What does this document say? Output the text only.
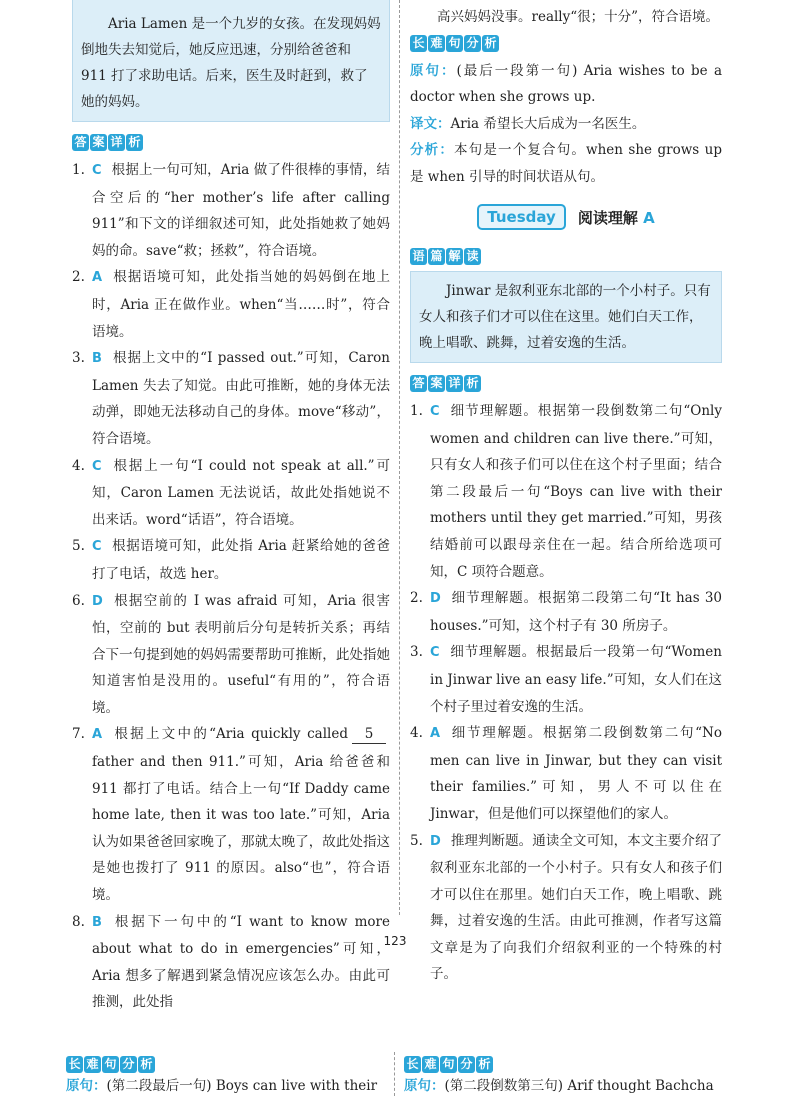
Aria Lamen 是一个九岁的女孩。在发现妈妈倒地失去知觉后，她反应迅速，分别给爸爸和 911 打了求助电话。后来，医生及时赶到，救了她的妈妈。
答 案 详 析
1. C 根据上一句可知，Aria 做了件很棒的事情，结合空后的“her mother’s life after calling 911”和下文的详细叙述可知，此处指她救了她妈妈的命。save“救；拯救”，符合语境。
2. A 根据语境可知，此处指当她的妈妈倒在地上时，Aria 正在做作业。when“当……时”，符合语境。
3. B 根据上文中的“I passed out.”可知，Caron Lamen 失去了知觉。由此可推断，她的身体无法动弹，即她无法移动自己的身体。move“移动”，符合语境。
4. C 根据上一句“I could not speak at all.”可知，Caron Lamen 无法说话，故此处指她说不出来话。word“话语”，符合语境。
5. C 根据语境可知，此处指 Aria 赶紧给她的爸爸打了电话，故选 her。
6. D 根据空前的 I was afraid 可知，Aria 很害怕，空前的 but 表明前后分句是转折关系；再结合下一句提到她的妈妈需要帮助可推断，此处指她知道害怕是没用的。useful“有用的”，符合语境。
7. A 根据上文中的“Aria quickly called 5father and then 911.”可知，Aria 给爸爸和 911 都打了电话。结合上一句“If Daddy came home late, then it was too late.”可知，Aria 认为如果爸爸回家晚了，那就太晚了，故此处指这是她也拨打了 911 的原因。also“也”，符合语境。
8. B 根据下一句中的“I want to know more about what to do in emergencies”可知，Aria 想多了解遇到紧急情况应该怎么办。由此可推测，此处指

高兴妈妈没事。really“很；十分”，符合语境。

长 难 句 分 析

原句：(最后一段第一句) Aria wishes to be a doctor when she grows up.

译文：Aria 希望长大后成为一名医生。

分析：本句是一个复合句。when she grows up 是 when 引导的时间状语从句。

Tuesday	阅读理解 A
语 篇 解 读
Jinwar 是叙利亚东北部的一个小村子。只有女人和孩子们才可以住在这里。她们白天工作，晚上唱歌、跳舞，过着安逸的生活。
答 案 详 析
1. C 细节理解题。根据第一段倒数第二句“Only women and children can live there.”可知，只有女人和孩子们可以住在这个村子里面；结合第二段最后一句“Boys can live with their mothers until they get married.”可知，男孩结婚前可以跟母亲住在一起。结合所给选项可知，C 项符合题意。
2. D 细节理解题。根据第二段第二句“It has 30 houses.”可知，这个村子有 30 所房子。
3. C 细节理解题。根据最后一段第一句“Women in Jinwar live an easy life.”可知，女人们在这个村子里过着安逸的生活。
4. A 细节理解题。根据第二段倒数第二句“No men can live in Jinwar, but they can visit their families.”可知，男人不可以住在 Jinwar，但是他们可以探望他们的家人。
5. D 推理判断题。通读全文可知，本文主要介绍了叙利亚东北部的一个小村子。只有女人和孩子们才可以住在那里。她们白天工作，晚上唱歌、跳舞，过着安逸的生活。由此可推测，作者写这篇文章是为了向我们介绍叙利亚的一个特殊的村子。
123
长 难 句 分 析

原句：(第二段最后一句) Boys can live with their

长 难 句 分 析

原句：(第二段倒数第三句) Arif thought Bachcha
